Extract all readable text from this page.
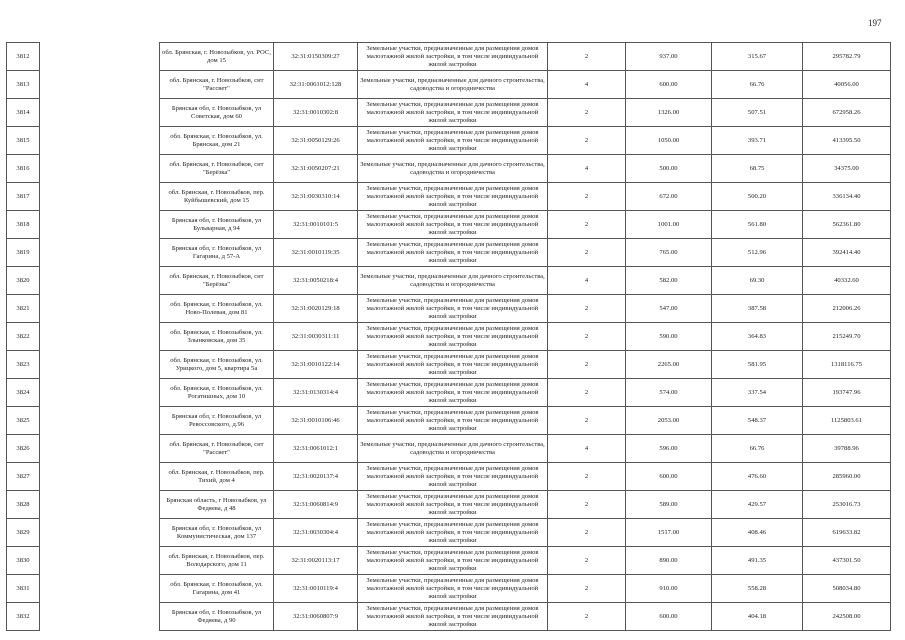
197
3812		обл. Брянская, г. Новозыбков, ул. РОС, дом 15	32:31:0150309:27	Земельные участки, предназначенные для размещения домов малоэтажной жилой застройки, в том числе индивидуальной жилой застройки	2	937.00	315.67	295782.79
3813		обл. Брянская, г. Новозыбков, снт "Рассвет"	32:31:0061012:128	Земельные участки, предназначенные для дачного строительства, садоводства и огородничества	4	600.00	66.76	40056.00
3814		Брянская обл, г. Новозыбков, ул Советская, дом 60	32:31:0010302:8	Земельные участки, предназначенные для размещения домов малоэтажной жилой застройки, в том числе индивидуальной жилой застройки	2	1326.00	507.51	672958.26
3815		обл. Брянская, г. Новозыбков, ул. Брянская, дом 21	32:31:0050129:26	Земельные участки, предназначенные для размещения домов малоэтажной жилой застройки, в том числе индивидуальной жилой застройки	2	1050.00	393.71	413395.50
3816		обл. Брянская, г. Новозыбков, снт "Берёзка"	32:31:0050207:21	Земельные участки, предназначенные для дачного строительства, садоводства и огородничества	4	500.00	68.75	34375.00
3817		обл. Брянская, г. Новозыбков, пер. Куйбышевский, дом 15	32:31:0030310:14	Земельные участки, предназначенные для размещения домов малоэтажной жилой застройки, в том числе индивидуальной жилой застройки	2	672.00	500.20	336134.40
3818		Брянская обл, г. Новозыбков, ул Бульварная, д 94	32:31:0010101:5	Земельные участки, предназначенные для размещения домов малоэтажной жилой застройки, в том числе индивидуальной жилой застройки	2	1001.00	561.80	562361.80
3819		Брянская обл, г. Новозыбков, ул Гагарина, д 57-А	32:31:0010119:35	Земельные участки, предназначенные для размещения домов малоэтажной жилой застройки, в том числе индивидуальной жилой застройки	2	765.00	512.96	392414.40
3820		обл. Брянская, г. Новозыбков, снт "Берёзка"	32:31:0050218:4	Земельные участки, предназначенные для дачного строительства, садоводства и огородничества	4	582.00	69.30	40332.60
3821		обл. Брянская, г. Новозыбков, ул. Ново-Полевая, дом 81	32:31:0020129:18	Земельные участки, предназначенные для размещения домов малоэтажной жилой застройки, в том числе индивидуальной жилой застройки	2	547.00	387.58	212006.26
3822		обл. Брянская, г. Новозыбков, ул. Злынковская, дом 35	32:31:0030311:11	Земельные участки, предназначенные для размещения домов малоэтажной жилой застройки, в том числе индивидуальной жилой застройки	2	590.00	364.83	215249.70
3823		обл. Брянская, г. Новозыбков, ул. Урицкого, дом 5, квартира 5а	32:31:0010122:14	Земельные участки, предназначенные для размещения домов малоэтажной жилой застройки, в том числе индивидуальной жилой застройки	2	2265.00	581.95	1318116.75
3824		обл. Брянская, г. Новозыбков, ул. Рогатишных, дом 10	32:31:0130314:4	Земельные участки, предназначенные для размещения домов малоэтажной жилой застройки, в том числе индивидуальной жилой застройки	2	574.00	337.54	193747.96
3825		Брянская обл, г. Новозыбков, ул Ревоссовского, д.96	32:31:0010106:46	Земельные участки, предназначенные для размещения домов малоэтажной жилой застройки, в том числе индивидуальной жилой застройки	2	2053.00	548.37	1125803.61
3826		обл. Брянская, г. Новозыбков, снт "Рассвет"	32:31:0061012:1	Земельные участки, предназначенные для дачного строительства, садоводства и огородничества	4	596.00	66.76	39788.96
3827		обл. Брянская, г. Новозыбков, пер. Тихий, дом 4	32:31:0020137:4	Земельные участки, предназначенные для размещения домов малоэтажной жилой застройки, в том числе индивидуальной жилой застройки	2	600.00	476.60	285960.00
3828		Брянская область, г Новозыбков, ул Федяева, д 48	32:31:0060814:9	Земельные участки, предназначенные для размещения домов малоэтажной жилой застройки, в том числе индивидуальной жилой застройки	2	589.00	429.57	253016.73
3829		Брянская обл, г. Новозыбков, ул Коммунистическая, дом 137	32:31:0030304:4	Земельные участки, предназначенные для размещения домов малоэтажной жилой застройки, в том числе индивидуальной жилой застройки	2	1517.00	408.46	619633.82
3830		обл. Брянская, г. Новозыбков, пер. Володарского, дом 11	32:31:0020113:17	Земельные участки, предназначенные для размещения домов малоэтажной жилой застройки, в том числе индивидуальной жилой застройки	2	890.00	491.35	437301.50
3831		обл. Брянская, г. Новозыбков, ул. Гагарина, дом 41	32:31:0010119:4	Земельные участки, предназначенные для размещения домов малоэтажной жилой застройки, в том числе индивидуальной жилой застройки	2	910.00	558.28	508034.80
3832		Брянская обл, г. Новозыбков, ул Федяева, д 90	32:31:0060807:9	Земельные участки, предназначенные для размещения домов малоэтажной жилой застройки, в том числе индивидуальной жилой застройки	2	600.00	404.18	242508.00
